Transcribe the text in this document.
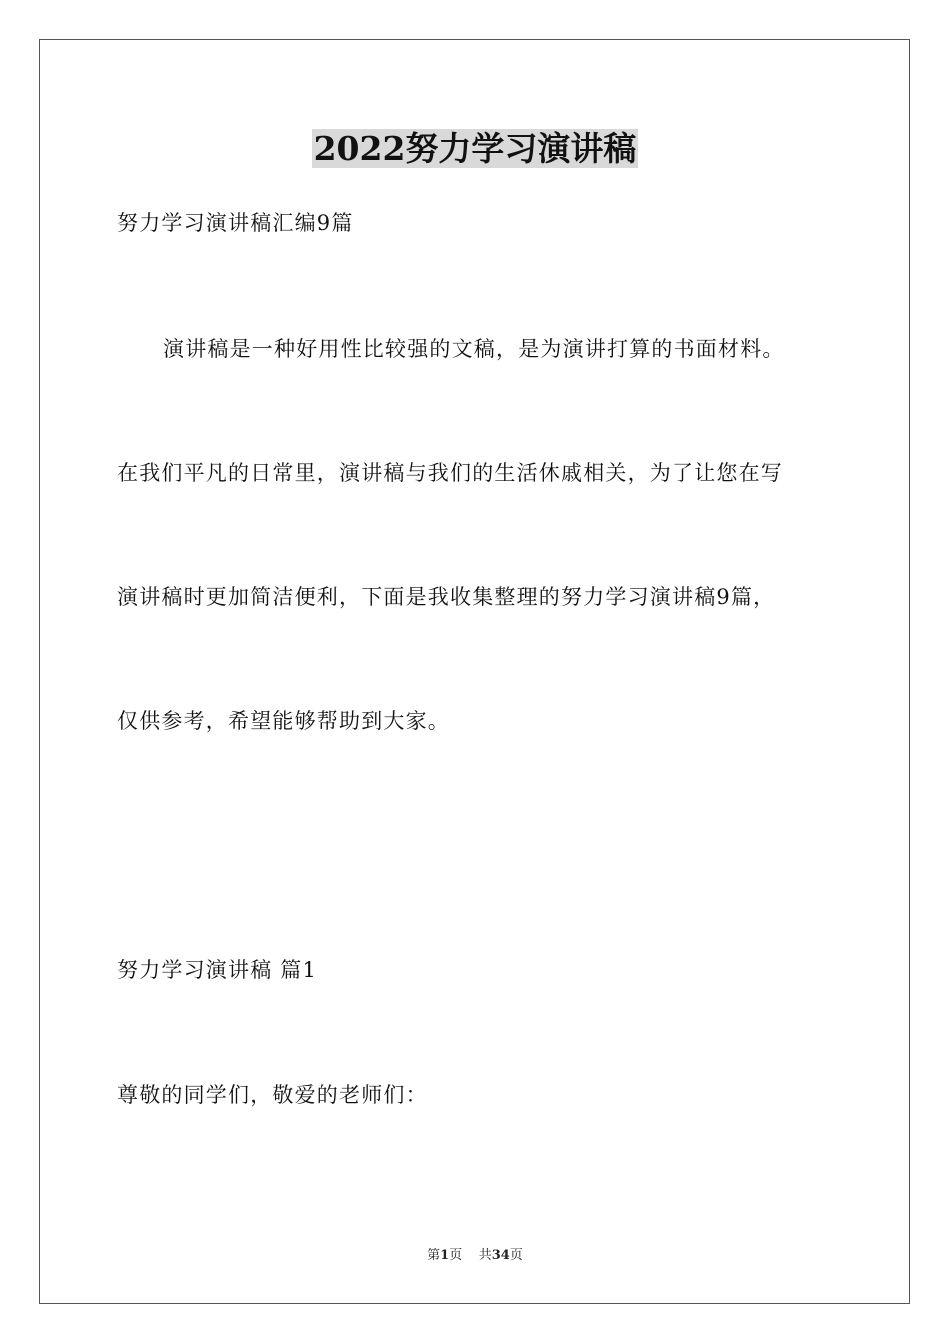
2022努力学习演讲稿
努力学习演讲稿汇编9篇
演讲稿是一种好用性比较强的文稿，是为演讲打算的书面材料。
在我们平凡的日常里，演讲稿与我们的生活休戚相关，为了让您在写
演讲稿时更加简洁便利，下面是我收集整理的努力学习演讲稿9篇，
仅供参考，希望能够帮助到大家。
努力学习演讲稿 篇1
尊敬的同学们，敬爱的老师们：
第1页 共34页
